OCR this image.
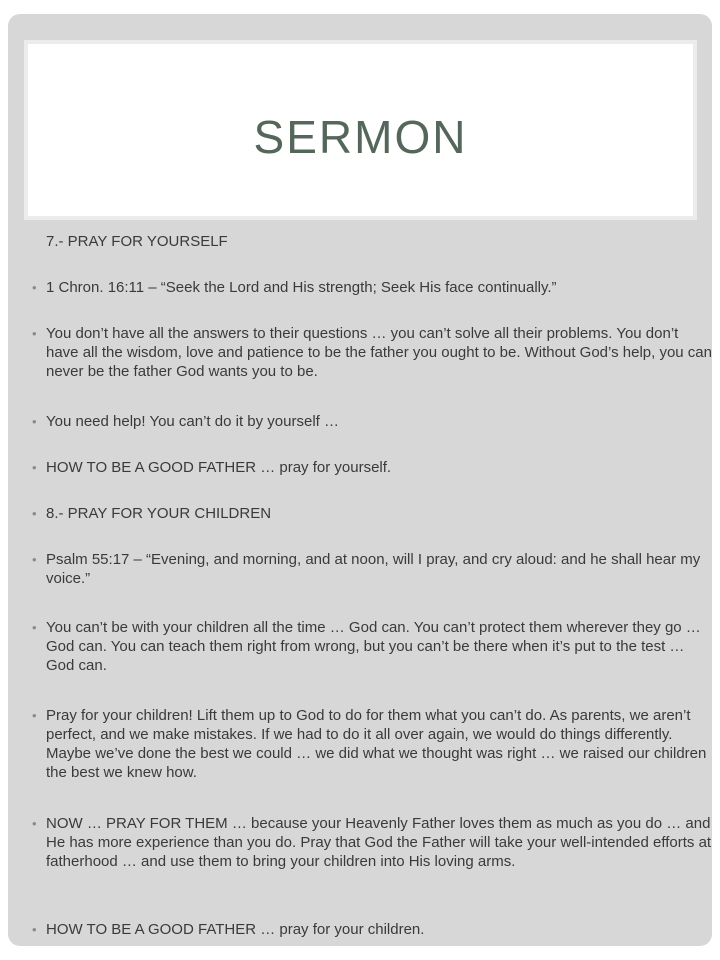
SERMON

7.- PRAY FOR YOURSELF

• 1 Chron. 16:11 – “Seek the Lord and His strength; Seek His face continually.”
• You don’t have all the answers to their questions … you can’t solve all their problems. You don’t have all the wisdom, love and patience to be the father you ought to be. Without God’s help, you can never be the father God wants you to be.
• You need help! You can’t do it by yourself …
• HOW TO BE A GOOD FATHER … pray for yourself.
• 8.- PRAY FOR YOUR CHILDREN
• Psalm 55:17 – “Evening, and morning, and at noon, will I pray, and cry aloud: and he shall hear my voice.”
• You can’t be with your children all the time … God can. You can’t protect them wherever they go … God can. You can teach them right from wrong, but you can’t be there when it’s put to the test … God can.
• Pray for your children! Lift them up to God to do for them what you can’t do. As parents, we aren’t perfect, and we make mistakes. If we had to do it all over again, we would do things differently. Maybe we’ve done the best we could … we did what we thought was right … we raised our children the best we knew how.
• NOW … PRAY FOR THEM … because your Heavenly Father loves them as much as you do … and He has more experience than you do. Pray that God the Father will take your well-intended efforts at fatherhood … and use them to bring your children into His loving arms.
• HOW TO BE A GOOD FATHER … pray for your children.
